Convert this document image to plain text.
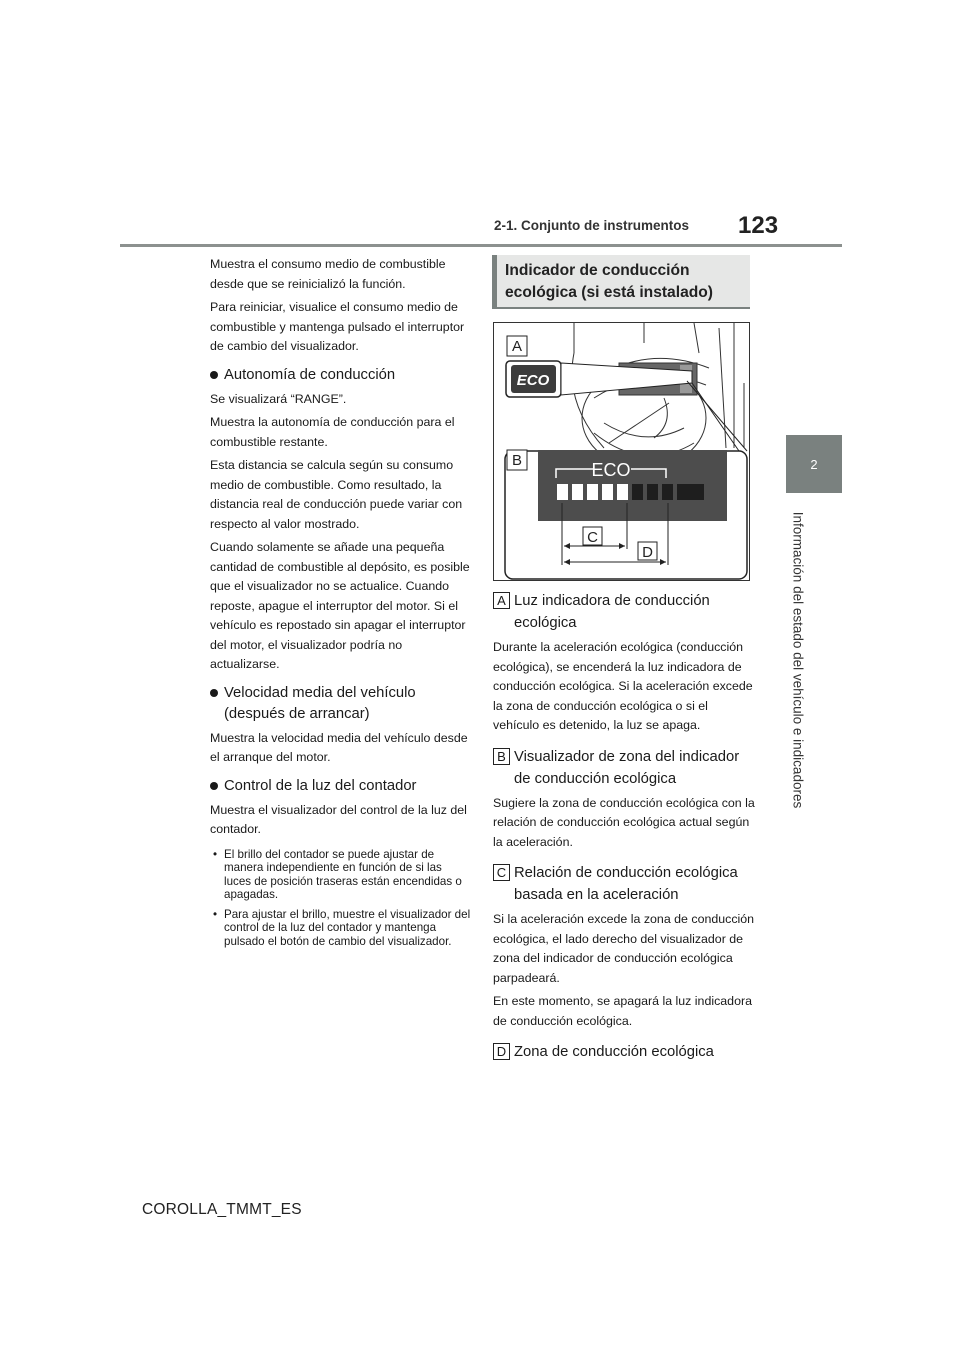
2-1. Conjunto de instrumentos 123
2
Información del estado del vehículo e indicadores

Muestra el consumo medio de combustible desde que se reinicializó la función.

Para reiniciar, visualice el consumo medio de combustible y mantenga pulsado el interruptor de cambio del visualizador.

Autonomía de conducción

Se visualizará “RANGE”.

Muestra la autonomía de conducción para el combustible restante.

Esta distancia se calcula según su consumo medio de combustible. Como resultado, la distancia real de conducción puede variar con respecto al valor mostrado.

Cuando solamente se añade una pequeña cantidad de combustible al depósito, es posible que el visualizador no se actualice. Cuando reposte, apague el interruptor del motor. Si el vehículo es repostado sin apagar el interruptor del motor, el visualizador podría no actualizarse.

Velocidad media del vehículo (después de arrancar)

Muestra la velocidad media del vehículo desde el arranque del motor.

Control de la luz del contador

Muestra el visualizador del control de la luz del contador.

• El brillo del contador se puede ajustar de manera independiente en función de si las luces de posición traseras están encendidas o apagadas.
• Para ajustar el brillo, muestre el visualizador del control de la luz del contador y mantenga pulsado el botón de cambio del visualizador.
Indicador de conducción ecológica (si está instalado)
A
ECO
B	ECO
C
D
A Luz indicadora de conducción ecológica

Durante la aceleración ecológica (conducción ecológica), se encenderá la luz indicadora de conducción ecológica. Si la aceleración excede la zona de conducción ecológica o si el vehículo es detenido, la luz se apaga.

B Visualizador de zona del indicador de conducción ecológica

Sugiere la zona de conducción ecológica con la relación de conducción ecológica actual según la aceleración.

C Relación de conducción ecológica basada en la aceleración

Si la aceleración excede la zona de conducción ecológica, el lado derecho del visualizador de zona del indicador de conducción ecológica parpadeará.

En este momento, se apagará la luz indicadora de conducción ecológica.

D Zona de conducción ecológica
COROLLA_TMMT_ES
